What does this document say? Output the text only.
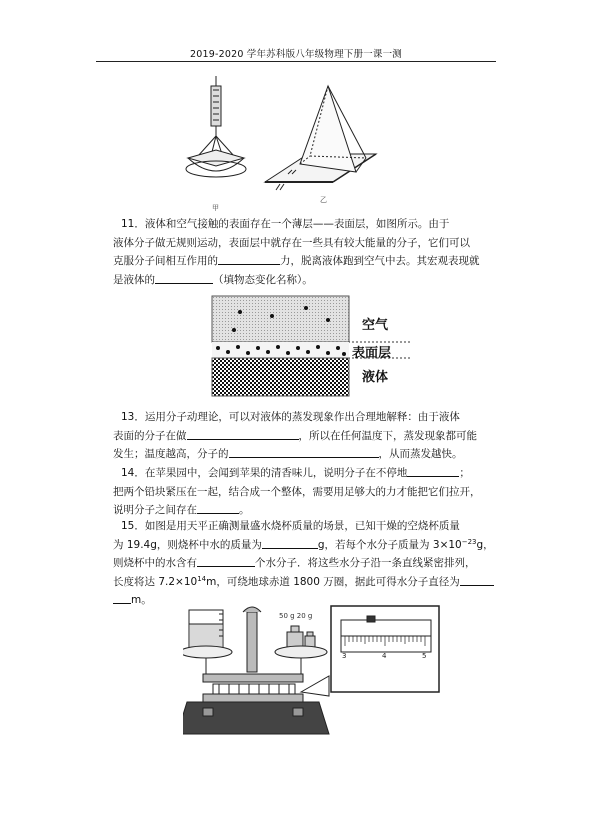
2019-2020 学年苏科版八年级物理下册一课一测
甲
乙
11．液体和空气接触的表面存在一个薄层——表面层，如图所示。由于
液体分子做无规则运动，表面层中就存在一些具有较大能量的分子，它们可以
克服分子间相互作用的	力，脱离液体跑到空气中去。其宏观表现就
是液体的	（填物态变化名称）。
空气
表面层
液体
13．运用分子动理论，可以对液体的蒸发现象作出合理地解释：由于液体
表面的分子在做	，所以在任何温度下，蒸发现象都可能
发生；温度越高，分子的	，从而蒸发越快。
14．在苹果园中，会闻到苹果的清香味儿，说明分子在不停地	；
把两个铅块紧压在一起，结合成一个整体，需要用足够大的力才能把它们拉开，
说明分子之间存在	。
15．如图是用天平正确测量盛水烧杯质量的场景，已知干燥的空烧杯质量
为 19.4g，则烧杯中水的质量为	g，若每个水分子质量为 $3\times 10^{-23}g$，
则烧杯中的水含有	个水分子．将这些水分子沿一条直线紧密排列，
长度将达 $7.2\times 10^{14}m$，可绕地球赤道 1800 万圈，据此可得水分子直径为
m。
50 g 20 g
3	4	5
